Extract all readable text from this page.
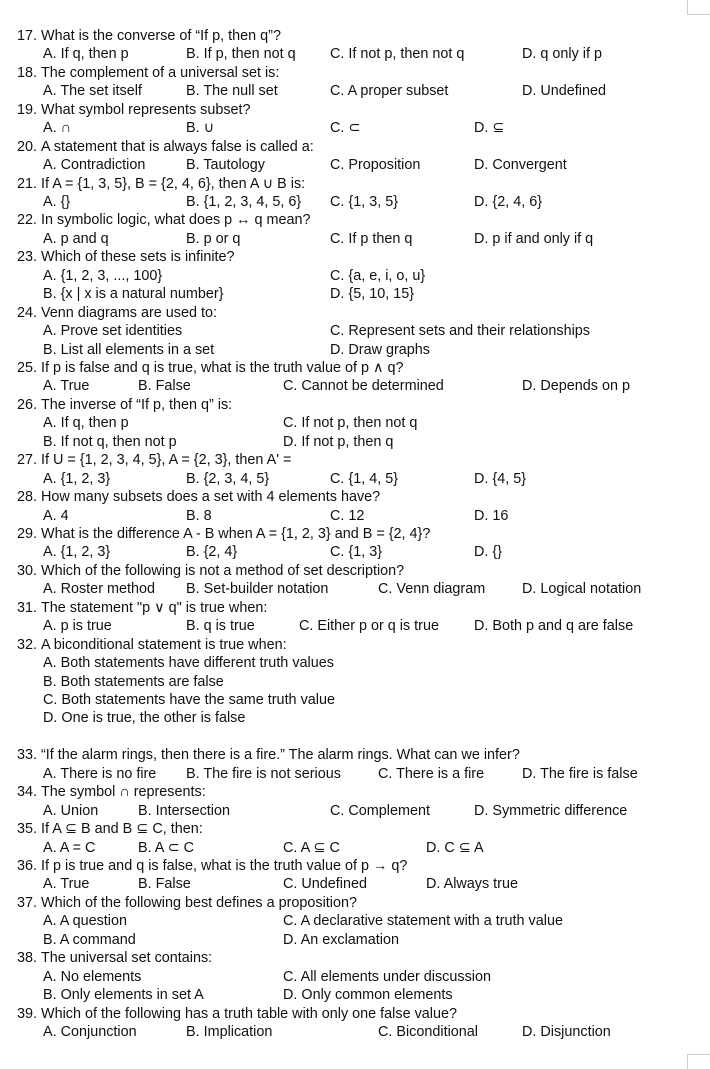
17. What is the converse of “If p, then q”?
A. If q, then p	B. If p, then not q C. If not p, then not q	D. q only if p
18. The complement of a universal set is:
A. The set itself	B. The null set	C. A proper subset	D. Undefined
19. What symbol represents subset?
A. ∩	B. ∪	C. ⊂	D. ⊆
20. A statement that is always false is called a:
A. Contradiction	B. Tautology	C. Proposition	D. Convergent
21. If A = {1, 3, 5}, B = {2, 4, 6}, then A ∪ B is:
A. {}	B. {1, 2, 3, 4, 5, 6} C. {1, 3, 5}	D. {2, 4, 6}
22. In symbolic logic, what does p ↔ q mean?
A. p and q	B. p or q	C. If p then q	D. p if and only if q
23. Which of these sets is infinite?
A. {1, 2, 3, ..., 100}	C. {a, e, i, o, u}
B. {x | x is a natural number}	D. {5, 10, 15}
24. Venn diagrams are used to:
A. Prove set identities	C. Represent sets and their relationships
B. List all elements in a set	D. Draw graphs
25. If p is false and q is true, what is the truth value of p ∧ q?
A. True	B. False	C. Cannot be determined	D. Depends on p
26. The inverse of “If p, then q” is:
A. If q, then p	C. If not p, then not q
B. If not q, then not p	D. If not p, then q
27. If U = {1, 2, 3, 4, 5}, A = {2, 3}, then A' =
A. {1, 2, 3}	B. {2, 3, 4, 5}	C. {1, 4, 5}	D. {4, 5}
28. How many subsets does a set with 4 elements have?
A. 4	B. 8	C. 12	D. 16
29. What is the difference A - B when A = {1, 2, 3} and B = {2, 4}?
A. {1, 2, 3}	B. {2, 4}	C. {1, 3}	D. {}
30. Which of the following is not a method of set description?
A. Roster method B. Set-builder notation	C. Venn diagram	D. Logical notation
31. The statement "p ∨ q" is true when:
A. p is true	B. q is true	C. Either p or q is true D. Both p and q are false
32. A biconditional statement is true when:
A. Both statements have different truth values
B. Both statements are false
C. Both statements have the same truth value
D. One is true, the other is false
33. “If the alarm rings, then there is a fire.” The alarm rings. What can we infer?
A. There is no fire B. The fire is not serious	C. There is a fire	D. The fire is false
34. The symbol ∩ represents:
A. Union	B. Intersection	C. Complement	D. Symmetric difference
35. If A ⊆ B and B ⊆ C, then:
A. A = C	B. A ⊂ C	C. A ⊆ C	D. C ⊆ A
36. If p is true and q is false, what is the truth value of p → q?
A. True	B. False	C. Undefined	D. Always true
37. Which of the following best defines a proposition?
A. A question	C. A declarative statement with a truth value
B. A command	D. An exclamation
38. The universal set contains:
A. No elements	C. All elements under discussion
B. Only elements in set A	D. Only common elements
39. Which of the following has a truth table with only one false value?
A. Conjunction	B. Implication	C. Biconditional	D. Disjunction
